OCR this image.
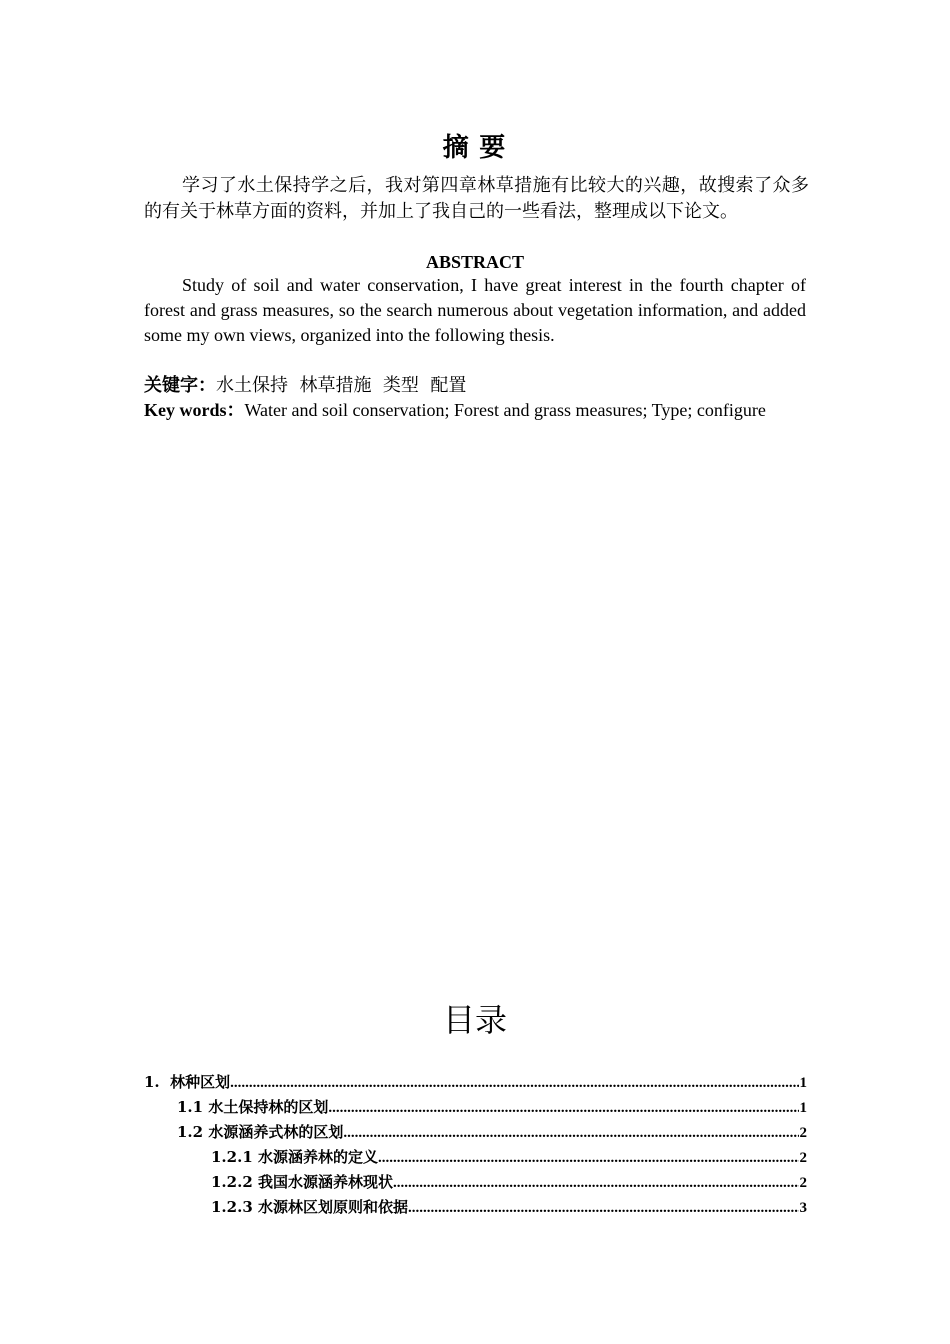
摘 要
学习了水土保持学之后，我对第四章林草措施有比较大的兴趣，故搜索了众多的有关于林草方面的资料，并加上了我自己的一些看法，整理成以下论文。
ABSTRACT
Study of soil and water conservation, I have great interest in the fourth chapter of forest and grass measures, so the search numerous about vegetation information, and added some my own views, organized into the following thesis.
关键字：水土保持  林草措施  类型  配置
Key words：Water and soil conservation; Forest and grass measures; Type; configure
目录
1.  林种区划 .....	1
1.1 水土保持林的区划 .....	1
1.2 水源涵养式林的区划 .....	2
1.2.1 水源涵养林的定义 .....	2
1.2.2 我国水源涵养林现状 .....	2
1.2.3 水源林区划原则和依据 .....	3
